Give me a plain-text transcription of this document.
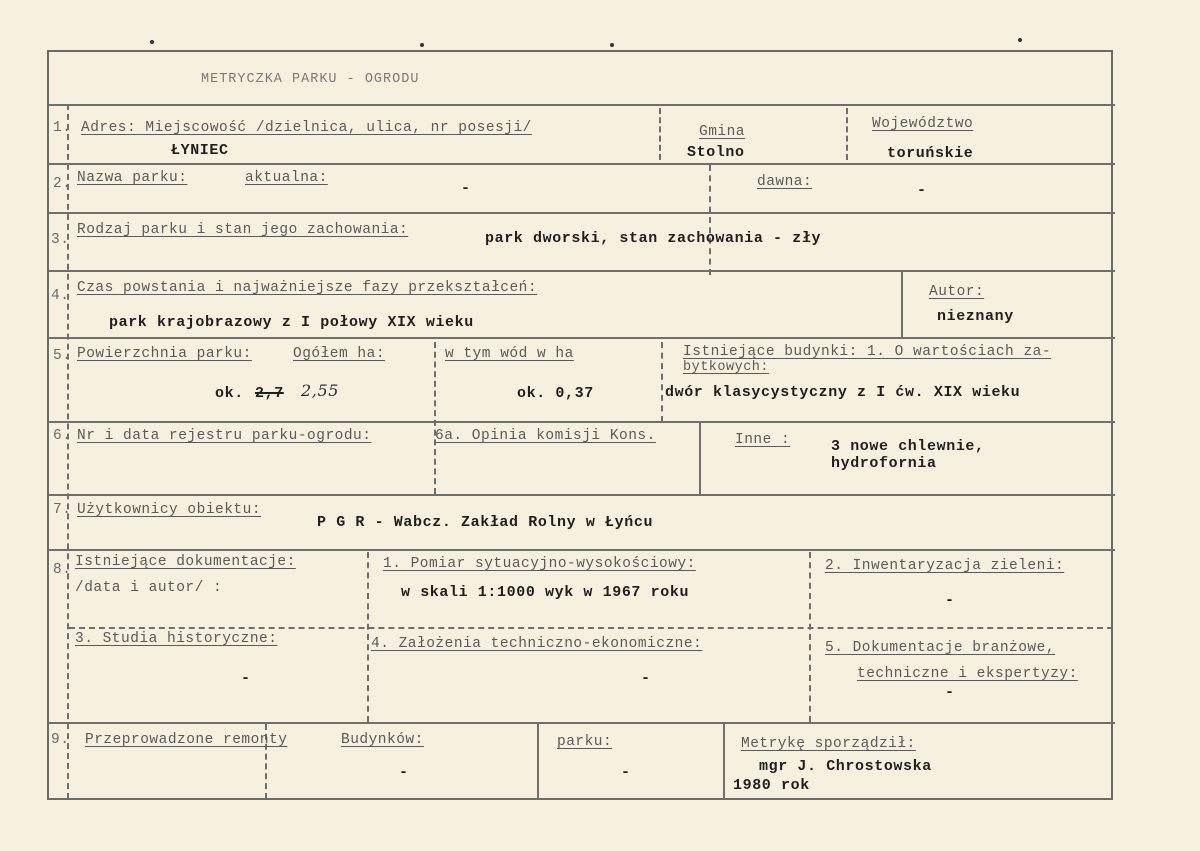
METRYCZKA PARKU - OGRODU
1. Adres: Miejscowość /dzielnica, ulica, nr posesji/
ŁYNIEC
Gmina
Stolno
Województwo
toruńskie
2. Nazwa parku:	aktualna:
-	dawna:	-
3.
Rodzaj parku i stan jego zachowania:	park dworski, stan zachowania - zły
4. Czas powstania i najważniejsze fazy przekształceń:
park krajobrazowy z I połowy XIX wieku
Autor:
nieznany
5. Powierzchnia parku:	Ogółem ha:
ok. 2,7 2,55
w tym wód w ha
ok. 0,37
Istniejące budynki: 1. O wartościach za-
bytkowych:
dwór klasycystyczny z I ćw. XIX wieku
6. Nr i data rejestru parku-ogrodu:	6a. Opinia komisji Kons.	Inne :	3 nowe chlewnie,
hydrofornia
7. Użytkownicy obiektu:
P G R - Wabcz. Zakład Rolny w Łyńcu
8. Istniejące dokumentacje:
/data i autor/ :
1. Pomiar sytuacyjno-wysokościowy:
w skali 1:1000 wyk w 1967 roku
2. Inwentaryzacja zieleni:
-
3. Studia historyczne:
-
4. Założenia techniczno-ekonomiczne:
-
5. Dokumentacje branżowe,
techniczne i ekspertyzy:
-
9. Przeprowadzone remonty	Budynków:
-
parku:
-
Metrykę sporządził:
mgr J. Chrostowska
1980 rok
